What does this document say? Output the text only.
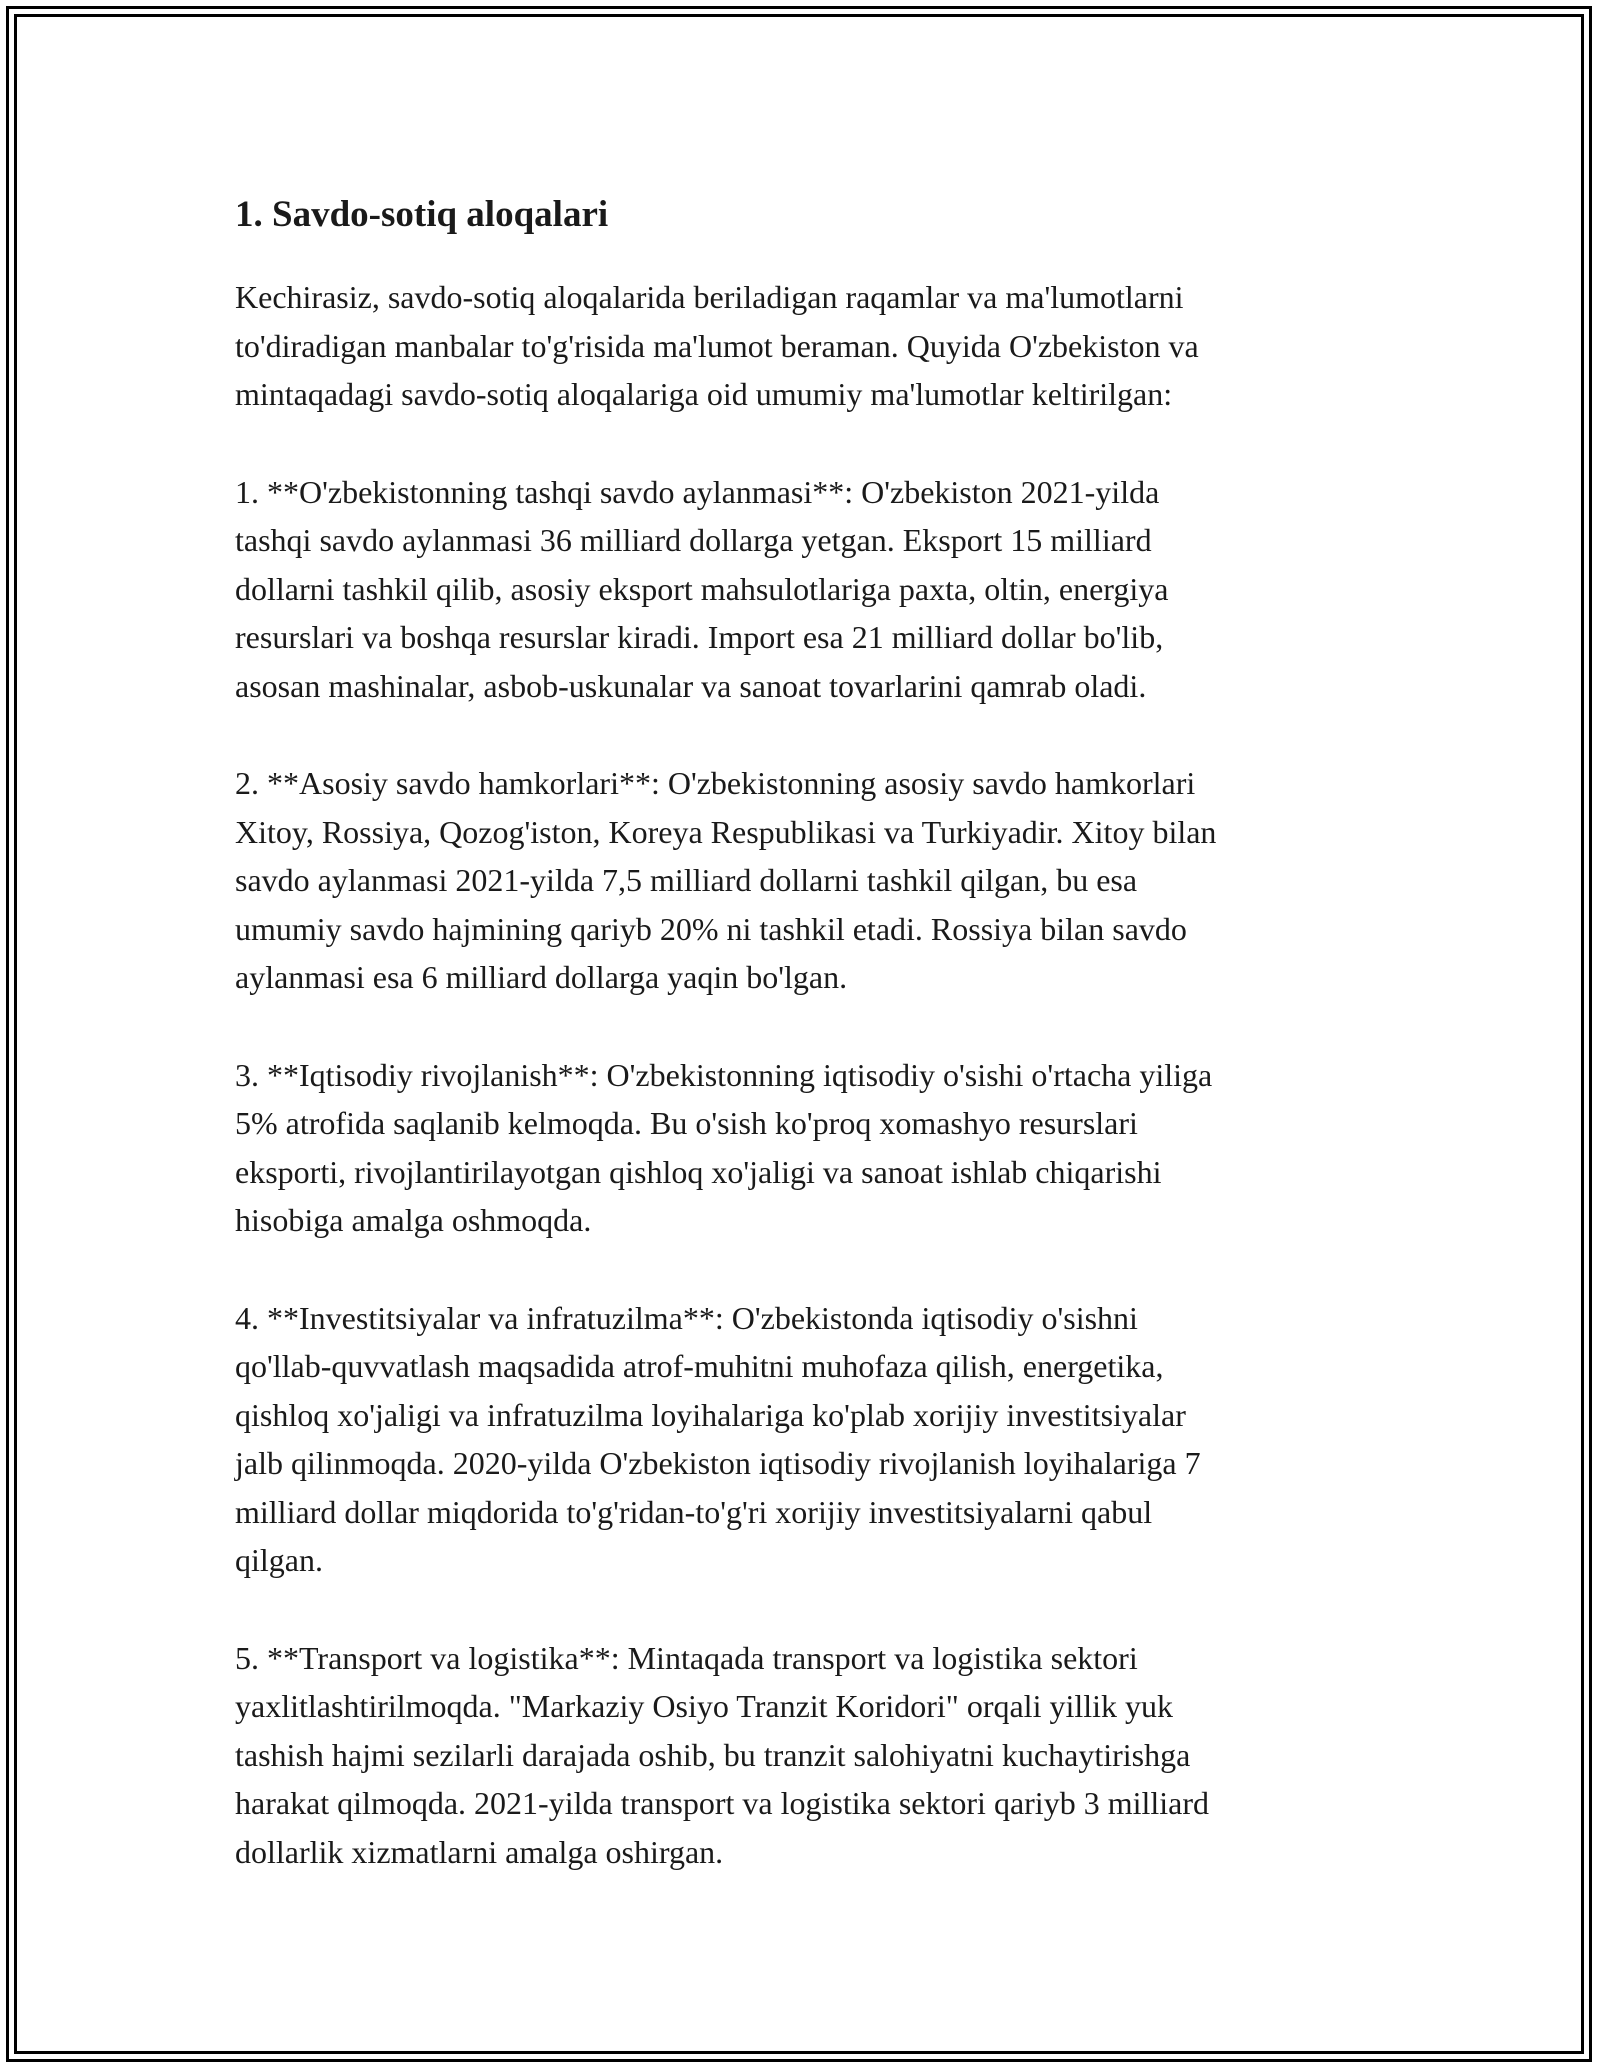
1. Savdo-sotiq aloqalari

Kechirasiz, savdo-sotiq aloqalarida beriladigan raqamlar va ma'lumotlarni
to'diradigan manbalar to'g'risida ma'lumot beraman. Quyida O'zbekiston va
mintaqadagi savdo-sotiq aloqalariga oid umumiy ma'lumotlar keltirilgan:

1. **O'zbekistonning tashqi savdo aylanmasi**: O'zbekiston 2021-yilda
tashqi savdo aylanmasi 36 milliard dollarga yetgan. Eksport 15 milliard
dollarni tashkil qilib, asosiy eksport mahsulotlariga paxta, oltin, energiya
resurslari va boshqa resurslar kiradi. Import esa 21 milliard dollar bo'lib,
asosan mashinalar, asbob-uskunalar va sanoat tovarlarini qamrab oladi.

2. **Asosiy savdo hamkorlari**: O'zbekistonning asosiy savdo hamkorlari
Xitoy, Rossiya, Qozog'iston, Koreya Respublikasi va Turkiyadir. Xitoy bilan
savdo aylanmasi 2021-yilda 7,5 milliard dollarni tashkil qilgan, bu esa
umumiy savdo hajmining qariyb 20% ni tashkil etadi. Rossiya bilan savdo
aylanmasi esa 6 milliard dollarga yaqin bo'lgan.

3. **Iqtisodiy rivojlanish**: O'zbekistonning iqtisodiy o'sishi o'rtacha yiliga
5% atrofida saqlanib kelmoqda. Bu o'sish ko'proq xomashyo resurslari
eksporti, rivojlantirilayotgan qishloq xo'jaligi va sanoat ishlab chiqarishi
hisobiga amalga oshmoqda.

4. **Investitsiyalar va infratuzilma**: O'zbekistonda iqtisodiy o'sishni
qo'llab-quvvatlash maqsadida atrof-muhitni muhofaza qilish, energetika,
qishloq xo'jaligi va infratuzilma loyihalariga ko'plab xorijiy investitsiyalar
jalb qilinmoqda. 2020-yilda O'zbekiston iqtisodiy rivojlanish loyihalariga 7
milliard dollar miqdorida to'g'ridan-to'g'ri xorijiy investitsiyalarni qabul
qilgan.

5. **Transport va logistika**: Mintaqada transport va logistika sektori
yaxlitlashtirilmoqda. "Markaziy Osiyo Tranzit Koridori" orqali yillik yuk
tashish hajmi sezilarli darajada oshib, bu tranzit salohiyatni kuchaytirishga
harakat qilmoqda. 2021-yilda transport va logistika sektori qariyb 3 milliard
dollarlik xizmatlarni amalga oshirgan.
